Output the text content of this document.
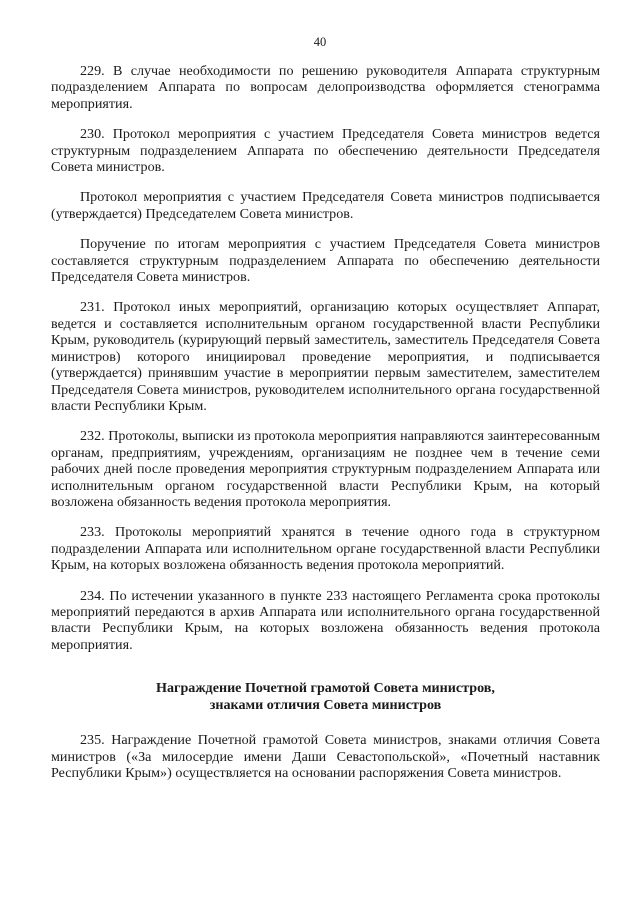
40

229. В случае необходимости по решению руководителя Аппарата структурным подразделением Аппарата по вопросам делопроизводства оформляется стенограмма мероприятия.

230. Протокол мероприятия с участием Председателя Совета министров ведется структурным подразделением Аппарата по обеспечению деятельности Председателя Совета министров.

Протокол мероприятия с участием Председателя Совета министров подписывается (утверждается) Председателем Совета министров.

Поручение по итогам мероприятия с участием Председателя Совета министров составляется структурным подразделением Аппарата по обеспечению деятельности Председателя Совета министров.

231. Протокол иных мероприятий, организацию которых осуществляет Аппарат, ведется и составляется исполнительным органом государственной власти Республики Крым, руководитель (курирующий первый заместитель, заместитель Председателя Совета министров) которого инициировал проведение мероприятия, и подписывается (утверждается) принявшим участие в мероприятии первым заместителем, заместителем Председателя Совета министров, руководителем исполнительного органа государственной власти Республики Крым.

232. Протоколы, выписки из протокола мероприятия направляются заинтересованным органам, предприятиям, учреждениям, организациям не позднее чем в течение семи рабочих дней после проведения мероприятия структурным подразделением Аппарата или исполнительным органом государственной власти Республики Крым, на который возложена обязанность ведения протокола мероприятия.

233. Протоколы мероприятий хранятся в течение одного года в структурном подразделении Аппарата или исполнительном органе государственной власти Республики Крым, на которых возложена обязанность ведения протокола мероприятий.

234. По истечении указанного в пункте 233 настоящего Регламента срока протоколы мероприятий передаются в архив Аппарата или исполнительного органа государственной власти Республики Крым, на которых возложена обязанность ведения протокола мероприятия.

Награждение Почетной грамотой Совета министров,

знаками отличия Совета министров

235. Награждение Почетной грамотой Совета министров, знаками отличия Совета министров («За милосердие имени Даши Севастопольской», «Почетный наставник Республики Крым») осуществляется на основании распоряжения Совета министров.
